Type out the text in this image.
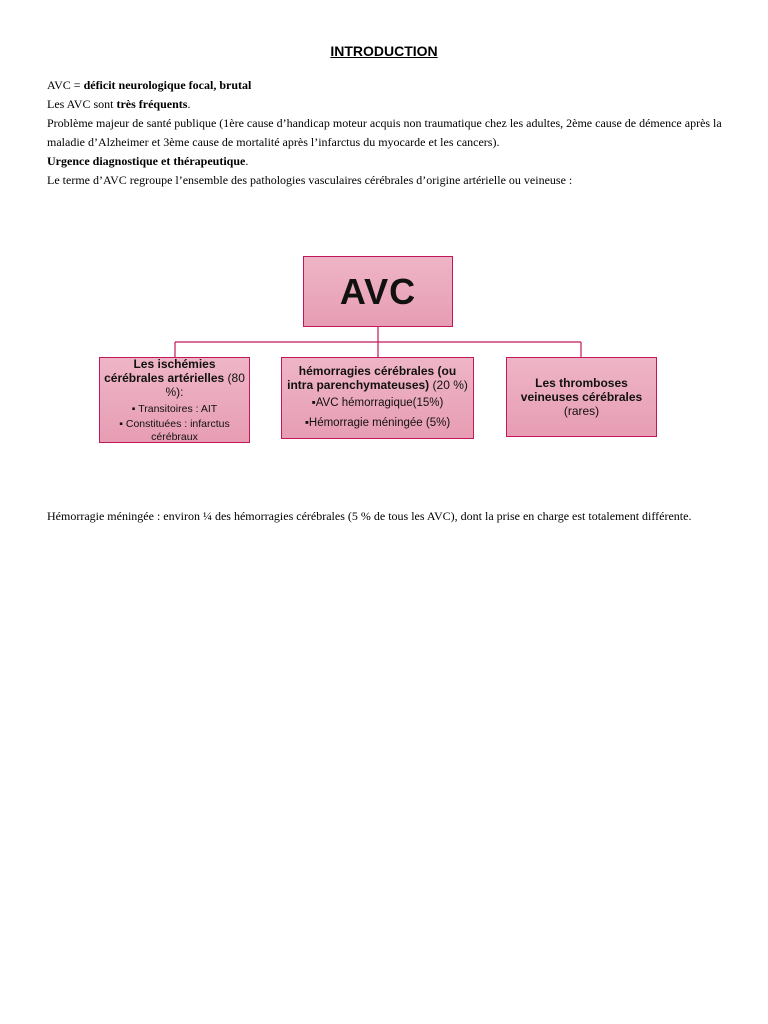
INTRODUCTION

AVC = déficit neurologique focal, brutal

Les AVC sont très fréquents.

Problème majeur de santé publique (1ère cause d’handicap moteur acquis non traumatique chez les adultes, 2ème cause de démence après la maladie d’Alzheimer et 3ème cause de mortalité après l’infarctus du myocarde et les cancers).

Urgence diagnostique et thérapeutique.

Le terme d’AVC regroupe l’ensemble des pathologies vasculaires cérébrales d’origine artérielle ou veineuse :

AVC
Les ischémies cérébrales artérielles (80 %):
▪ Transitoires : AIT
▪ Constituées : infarctus cérébraux
hémorragies cérébrales (ou intra parenchymateuses) (20 %)
▪AVC hémorragique(15%)
▪Hémorragie méningée (5%)
Les thromboses veineuses cérébrales (rares)
Hémorragie méningée : environ ¼ des hémorragies cérébrales (5 % de tous les AVC), dont la prise en charge est totalement différente.
